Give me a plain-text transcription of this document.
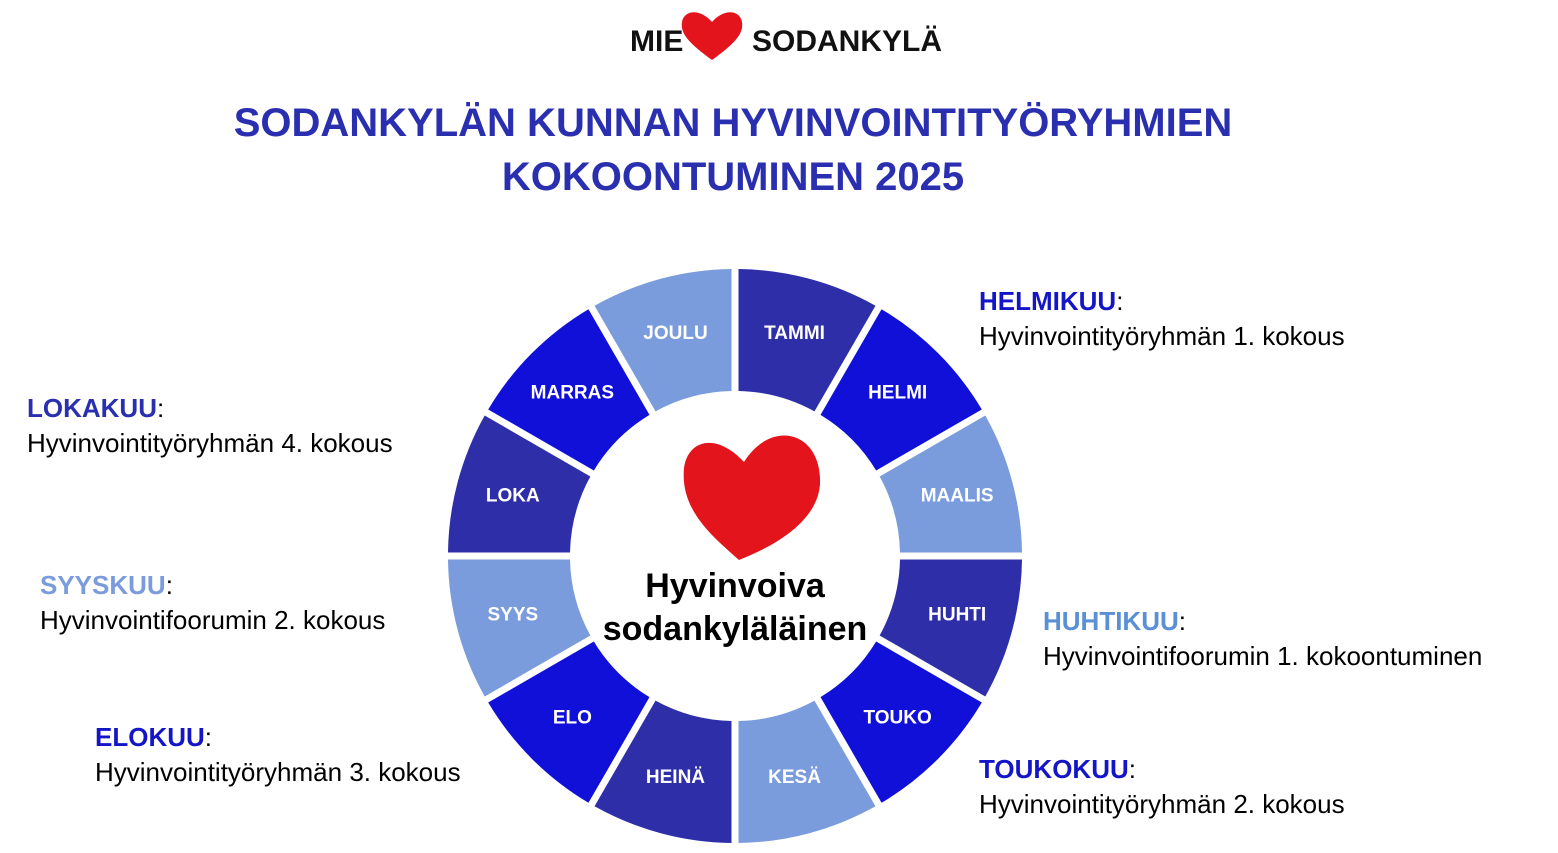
MIE SODANKYLÄ
SODANKYLÄN KUNNAN HYVINVOINTITYÖRYHMIEN
KOKOONTUMINEN 2025
TAMMI
HELMI
MAALIS
HUHTI
TOUKO
KESÄ
HEINÄ
ELO
SYYS
LOKA
MARRAS
JOULU
Hyvinvoiva
sodankyläläinen
HELMIKUU:
Hyvinvointityöryhmän 1. kokous
HUHTIKUU:
Hyvinvointifoorumin 1. kokoontuminen
TOUKOKUU:
Hyvinvointityöryhmän 2. kokous
LOKAKUU:
Hyvinvointityöryhmän 4. kokous
SYYSKUU:
Hyvinvointifoorumin 2. kokous
ELOKUU:
Hyvinvointityöryhmän 3. kokous
